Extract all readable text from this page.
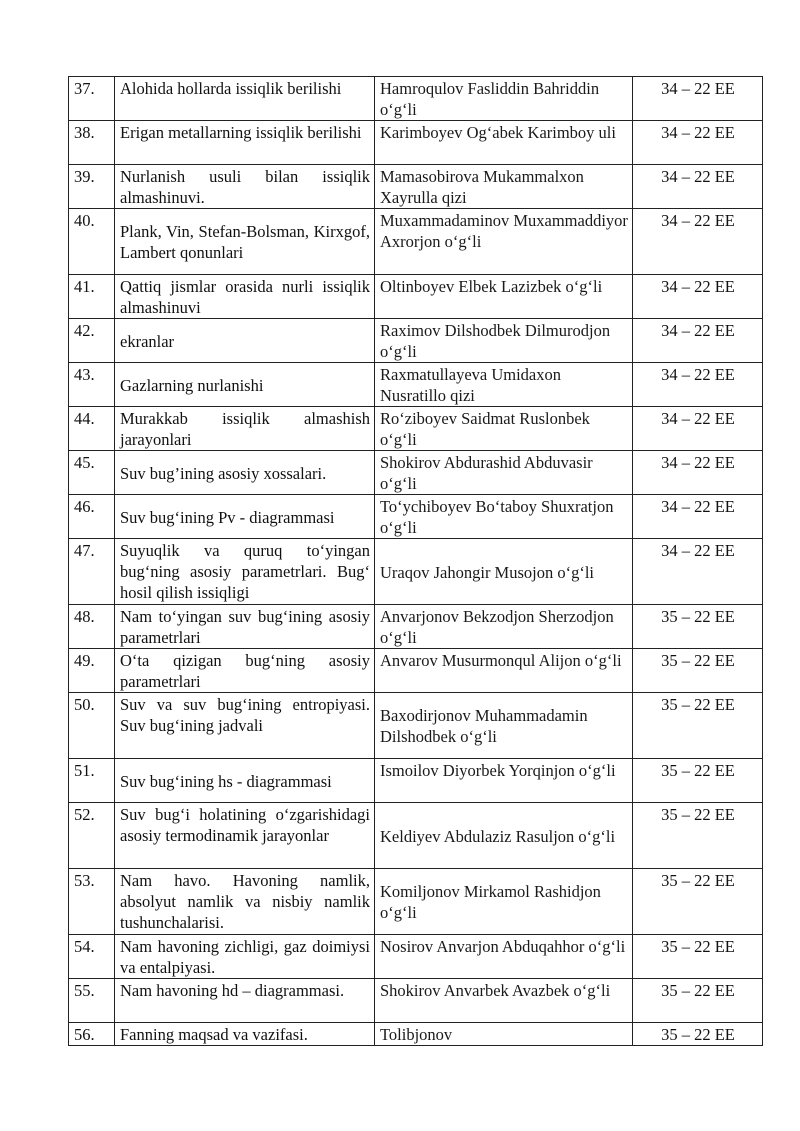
37.	Alohida hollarda issiqlik berilishi	Hamroqulov Fasliddin Bahriddin o‘g‘li	34 – 22 EE
38.	Erigan metallarning issiqlik berilishi	Karimboyev Og‘abek Karimboy uli	34 – 22 EE
39.	Nurlanish usuli bilan issiqlik almashinuvi.	Mamasobirova Mukammalxon Xayrulla qizi	34 – 22 EE
40.	Plank, Vin, Stefan-Bolsman, Kirxgof, Lambert qonunlari	Muxammadaminov Muxammaddiyor Axrorjon o‘g‘li	34 – 22 EE
41.	Qattiq jismlar orasida nurli issiqlik almashinuvi	Oltinboyev Elbek Lazizbek o‘g‘li	34 – 22 EE
42.	ekranlar	Raximov Dilshodbek Dilmurodjon o‘g‘li	34 – 22 EE
43.	Gazlarning nurlanishi	Raxmatullayeva Umidaxon Nusratillo qizi	34 – 22 EE
44.	Murakkab issiqlik almashish jarayonlari	Ro‘ziboyev Saidmat Ruslonbek o‘g‘li	34 – 22 EE
45.	Suv bug’ining asosiy xossalari.	Shokirov Abdurashid Abduvasir o‘g‘li	34 – 22 EE
46.	Suv bug‘ining Pv - diagrammasi	To‘ychiboyev Bo‘taboy Shuxratjon o‘g‘li	34 – 22 EE
47.	Suyuqlik va quruq to‘yingan bug‘ning asosiy parametrlari. Bug‘ hosil qilish issiqligi	Uraqov Jahongir Musojon o‘g‘li	34 – 22 EE
48.	Nam to‘yingan suv bug‘ining asosiy parametrlari	Anvarjonov Bekzodjon Sherzodjon o‘g‘li	35 – 22 EE
49.	O‘ta qizigan bug‘ning asosiy parametrlari	Anvarov Musurmonqul Alijon o‘g‘li	35 – 22 EE
50.	Suv va suv bug‘ining entropiyasi. Suv bug‘ining jadvali	Baxodirjonov Muhammadamin Dilshodbek o‘g‘li	35 – 22 EE
51.	Suv bug‘ining hs - diagrammasi	Ismoilov Diyorbek Yorqinjon o‘g‘li	35 – 22 EE
52.	Suv bug‘i holatining o‘zgarishidagi asosiy termodinamik jarayonlar	Keldiyev Abdulaziz Rasuljon o‘g‘li	35 – 22 EE
53.	Nam havo. Havoning namlik, absolyut namlik va nisbiy namlik tushunchalarisi.	Komiljonov Mirkamol Rashidjon o‘g‘li	35 – 22 EE
54.	Nam havoning zichligi, gaz doimiysi va entalpiyasi.	Nosirov Anvarjon Abduqahhor o‘g‘li	35 – 22 EE
55.	Nam havoning hd – diagrammasi.	Shokirov Anvarbek Avazbek o‘g‘li	35 – 22 EE
56.	Fanning maqsad va vazifasi.	Tolibjonov	35 – 22 EE
